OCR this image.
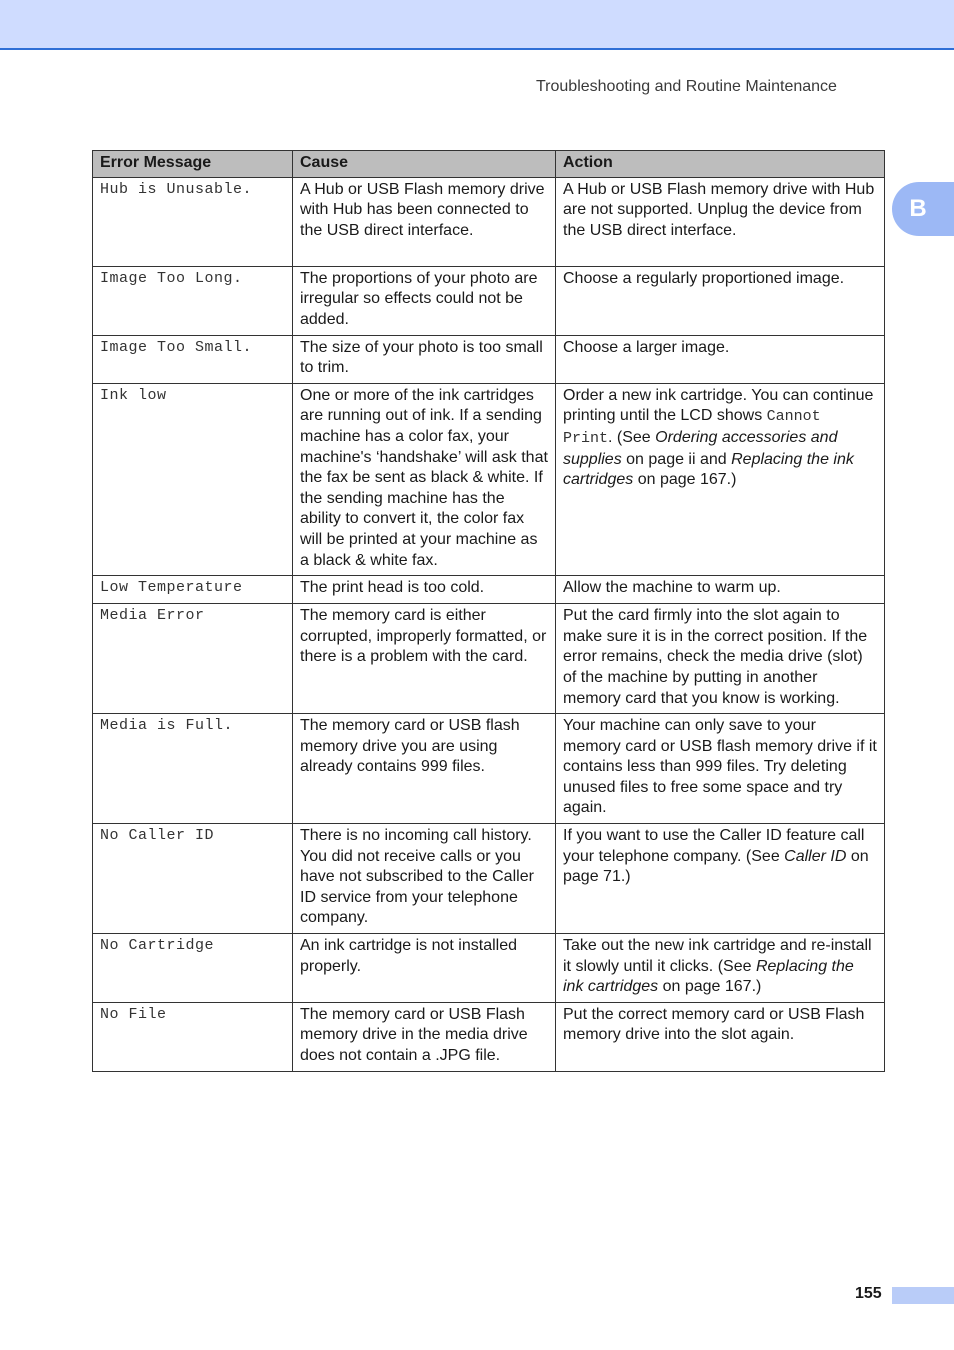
Troubleshooting and Routine Maintenance
B
Error Message	Cause	Action
Hub is Unusable.	A Hub or USB Flash memory drive with Hub has been connected to the USB direct interface.	A Hub or USB Flash memory drive with Hub are not supported. Unplug the device from the USB direct interface.
Image Too Long.	The proportions of your photo are irregular so effects could not be added.	Choose a regularly proportioned image.
Image Too Small.	The size of your photo is too small to trim.	Choose a larger image.
Ink low	One or more of the ink cartridges are running out of ink. If a sending machine has a color fax, your machine's ‘handshake’ will ask that the fax be sent as black & white. If the sending machine has the ability to convert it, the color fax will be printed at your machine as a black & white fax.	Order a new ink cartridge. You can continue printing until the LCD shows Cannot Print. (See Ordering accessories and supplies on page ii and Replacing the ink cartridges on page 167.)
Low Temperature	The print head is too cold.	Allow the machine to warm up.
Media Error	The memory card is either corrupted, improperly formatted, or there is a problem with the card.	Put the card firmly into the slot again to make sure it is in the correct position. If the error remains, check the media drive (slot) of the machine by putting in another memory card that you know is working.
Media is Full.	The memory card or USB flash memory drive you are using already contains 999 files.	Your machine can only save to your memory card or USB flash memory drive if it contains less than 999 files. Try deleting unused files to free some space and try again.
No Caller ID	There is no incoming call history. You did not receive calls or you have not subscribed to the Caller ID service from your telephone company.	If you want to use the Caller ID feature call your telephone company. (See Caller ID on page 71.)
No Cartridge	An ink cartridge is not installed properly.	Take out the new ink cartridge and re-install it slowly until it clicks. (See Replacing the ink cartridges on page 167.)
No File	The memory card or USB Flash memory drive in the media drive does not contain a .JPG file.	Put the correct memory card or USB Flash memory drive into the slot again.
155
